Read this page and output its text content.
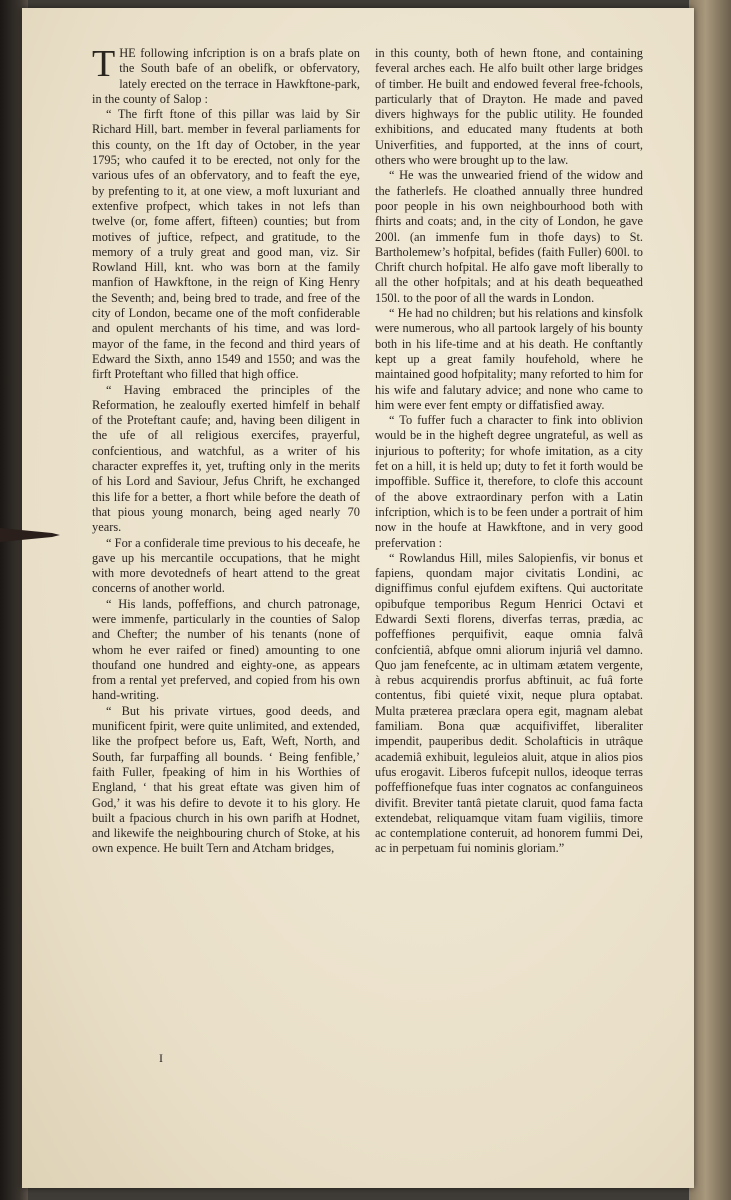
THE following infcription is on a brafs plate on the South bafe of an obelifk, or obfervatory, lately erected on the terrace in Hawkftone-park, in the county of Salop :

“ The firft ftone of this pillar was laid by Sir Richard Hill, bart. member in feveral parliaments for this county, on the 1ft day of October, in the year 1795; who caufed it to be erected, not only for the various ufes of an obfervatory, and to feaft the eye, by prefenting to it, at one view, a moft luxuriant and extenfive profpect, which takes in not lefs than twelve (or, fome affert, fifteen) counties; but from motives of juftice, refpect, and gratitude, to the memory of a truly great and good man, viz. Sir Rowland Hill, knt. who was born at the family manfion of Hawkftone, in the reign of King Henry the Seventh; and, being bred to trade, and free of the city of London, became one of the moft confiderable and opulent merchants of his time, and was lord-mayor of the fame, in the fecond and third years of Edward the Sixth, anno 1549 and 1550; and was the firft Proteftant who filled that high office.

“ Having embraced the principles of the Reformation, he zealoufly exerted himfelf in behalf of the Proteftant caufe; and, having been diligent in the ufe of all religious exercifes, prayerful, confcientious, and watchful, as a writer of his character expreffes it, yet, trufting only in the merits of his Lord and Saviour, Jefus Chrift, he exchanged this life for a better, a fhort while before the death of that pious young monarch, being aged nearly 70 years.

“ For a confiderale time previous to his deceafe, he gave up his mercantile occupations, that he might with more devotednefs of heart attend to the great concerns of another world.

“ His lands, poffeffions, and church patronage, were immenfe, particularly in the counties of Salop and Chefter; the number of his tenants (none of whom he ever raifed or fined) amounting to one thoufand one hundred and eighty-one, as appears from a rental yet preferved, and copied from his own hand-writing.

“ But his private virtues, good deeds, and munificent fpirit, were quite unlimited, and extended, like the profpect before us, Eaft, Weft, North, and South, far furpaffing all bounds. ‘ Being fenfible,’ faith Fuller, fpeaking of him in his Worthies of England, ‘ that his great eftate was given him of God,’ it was his defire to devote it to his glory. He built a fpacious church in his own parifh at Hodnet, and likewife the neighbouring church of Stoke, at his own expence. He built Tern and Atcham bridges,

in this county, both of hewn ftone, and containing feveral arches each. He alfo built other large bridges of timber. He built and endowed feveral free-fchools, particularly that of Drayton. He made and paved divers highways for the public utility. He founded exhibitions, and educated many ftudents at both Univerfities, and fupported, at the inns of court, others who were brought up to the law.

“ He was the unwearied friend of the widow and the fatherlefs. He cloathed annually three hundred poor people in his own neighbourhood both with fhirts and coats; and, in the city of London, he gave 200l. (an immenfe fum in thofe days) to St. Bartholemew’s hofpital, befides (faith Fuller) 600l. to Chrift church hofpital. He alfo gave moft liberally to all the other hofpitals; and at his death bequeathed 150l. to the poor of all the wards in London.

“ He had no children; but his relations and kinsfolk were numerous, who all partook largely of his bounty both in his life-time and at his death. He conftantly kept up a great family houfehold, where he maintained good hofpitality; many reforted to him for his wife and falutary advice; and none who came to him were ever fent empty or diffatisfied away.

“ To fuffer fuch a character to fink into oblivion would be in the higheft degree ungrateful, as well as injurious to pofterity; for whofe imitation, as a city fet on a hill, it is held up; duty to fet it forth would be impoffible. Suffice it, therefore, to clofe this account of the above extraordinary perfon with a Latin infcription, which is to be feen under a portrait of him now in the houfe at Hawkftone, and in very good prefervation :

“ Rowlandus Hill, miles Salopienfis, vir bonus et fapiens, quondam major civitatis Londini, ac digniffimus conful ejufdem exiftens. Qui auctoritate opibufque temporibus Regum Henrici Octavi et Edwardi Sexti florens, diverfas terras, prædia, ac poffeffiones perquifivit, eaque omnia falvâ confcientiâ, abfque omni aliorum injuriâ vel damno. Quo jam fenefcente, ac in ultimam ætatem vergente, à rebus acquirendis prorfus abftinuit, ac fuâ forte contentus, fibi quieté vixit, neque plura optabat. Multa præterea præclara opera egit, magnam alebat familiam. Bona quæ acquifiviffet, liberaliter impendit, pauperibus dedit. Scholafticis in utrâque academiâ exhibuit, leguleios aluit, atque in alios pios ufus erogavit. Liberos fufcepit nullos, ideoque terras poffeffionefque fuas inter cognatos ac confanguineos divifit. Breviter tantâ pietate claruit, quod fama facta extendebat, reliquamque vitam fuam vigiliis, timore ac contemplatione conteruit, ad honorem fummi Dei, ac in perpetuam fui nominis gloriam.”

I
